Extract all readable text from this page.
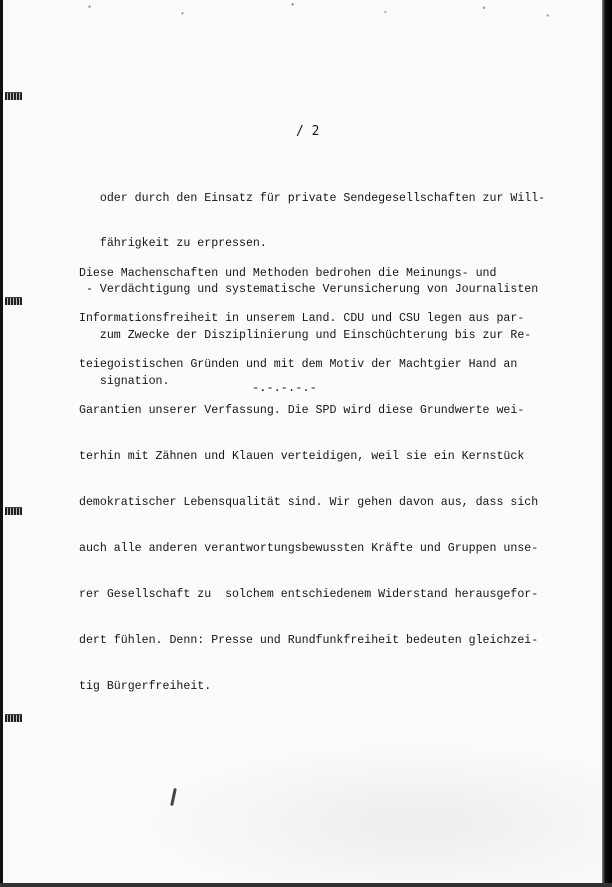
/ 2

oder durch den Einsatz für private Sendegesellschaften zur Will-

fährigkeit zu erpressen.

- Verdächtigung und systematische Verunsicherung von Journalisten

zum Zwecke der Disziplinierung und Einschüchterung bis zur Re-

signation.

Diese Machenschaften und Methoden bedrohen die Meinungs- und

Informationsfreiheit in unserem Land. CDU und CSU legen aus par-

teiegoistischen Gründen und mit dem Motiv der Machtgier Hand an

Garantien unserer Verfassung. Die SPD wird diese Grundwerte wei-

terhin mit Zähnen und Klauen verteidigen, weil sie ein Kernstück

demokratischer Lebensqualität sind. Wir gehen davon aus, dass sich

auch alle anderen verantwortungsbewussten Kräfte und Gruppen unse-

rer Gesellschaft zu  solchem entschiedenem Widerstand herausgefor-

dert fühlen. Denn: Presse und Rundfunkfreiheit bedeuten gleichzei-

tig Bürgerfreiheit.

-.-.-.-.-
